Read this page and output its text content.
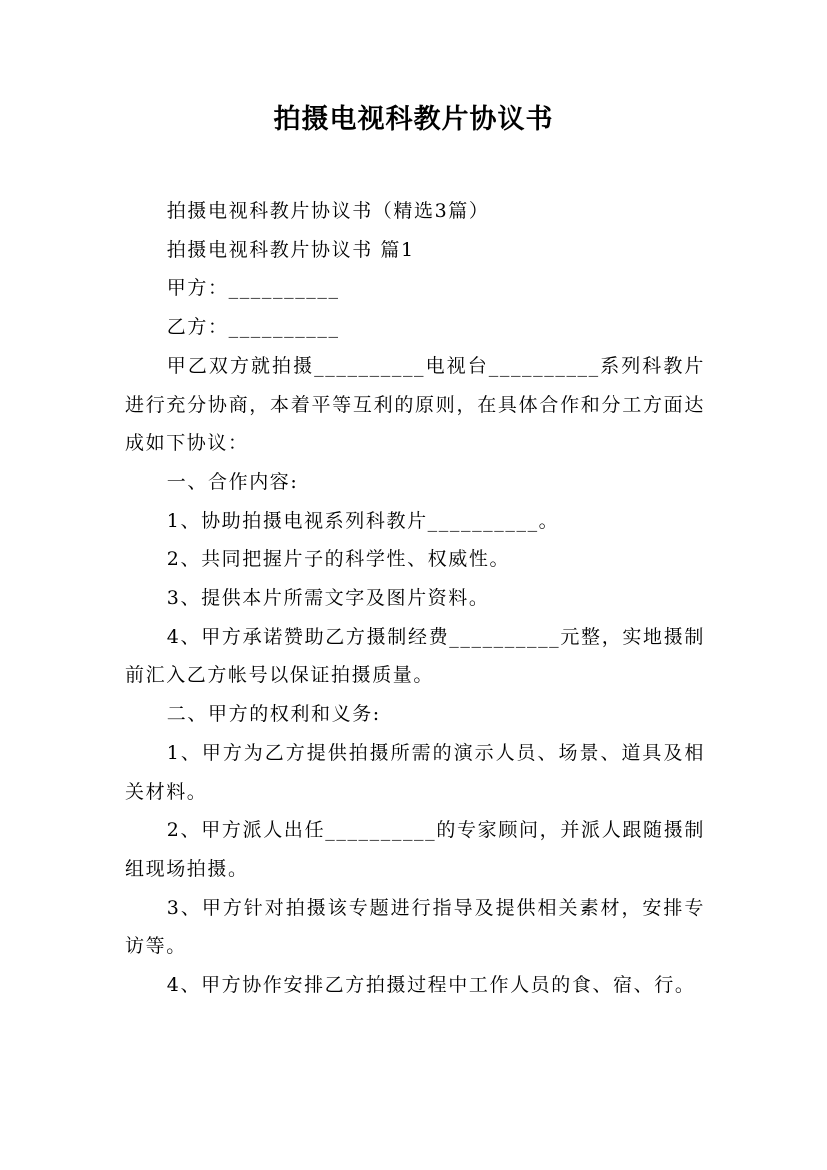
拍摄电视科教片协议书

拍摄电视科教片协议书（精选3篇）

拍摄电视科教片协议书 篇1

甲方：__________

乙方：__________

甲乙双方就拍摄__________电视台__________系列科教片进行充分协商，本着平等互利的原则，在具体合作和分工方面达成如下协议：

一、合作内容:

1、协助拍摄电视系列科教片__________。

2、共同把握片子的科学性、权威性。

3、提供本片所需文字及图片资料。

4、甲方承诺赞助乙方摄制经费__________元整，实地摄制前汇入乙方帐号以保证拍摄质量。

二、甲方的权利和义务:

1、甲方为乙方提供拍摄所需的演示人员、场景、道具及相关材料。

2、甲方派人出任__________的专家顾问，并派人跟随摄制组现场拍摄。

3、甲方针对拍摄该专题进行指导及提供相关素材，安排专访等。

4、甲方协作安排乙方拍摄过程中工作人员的食、宿、行。
